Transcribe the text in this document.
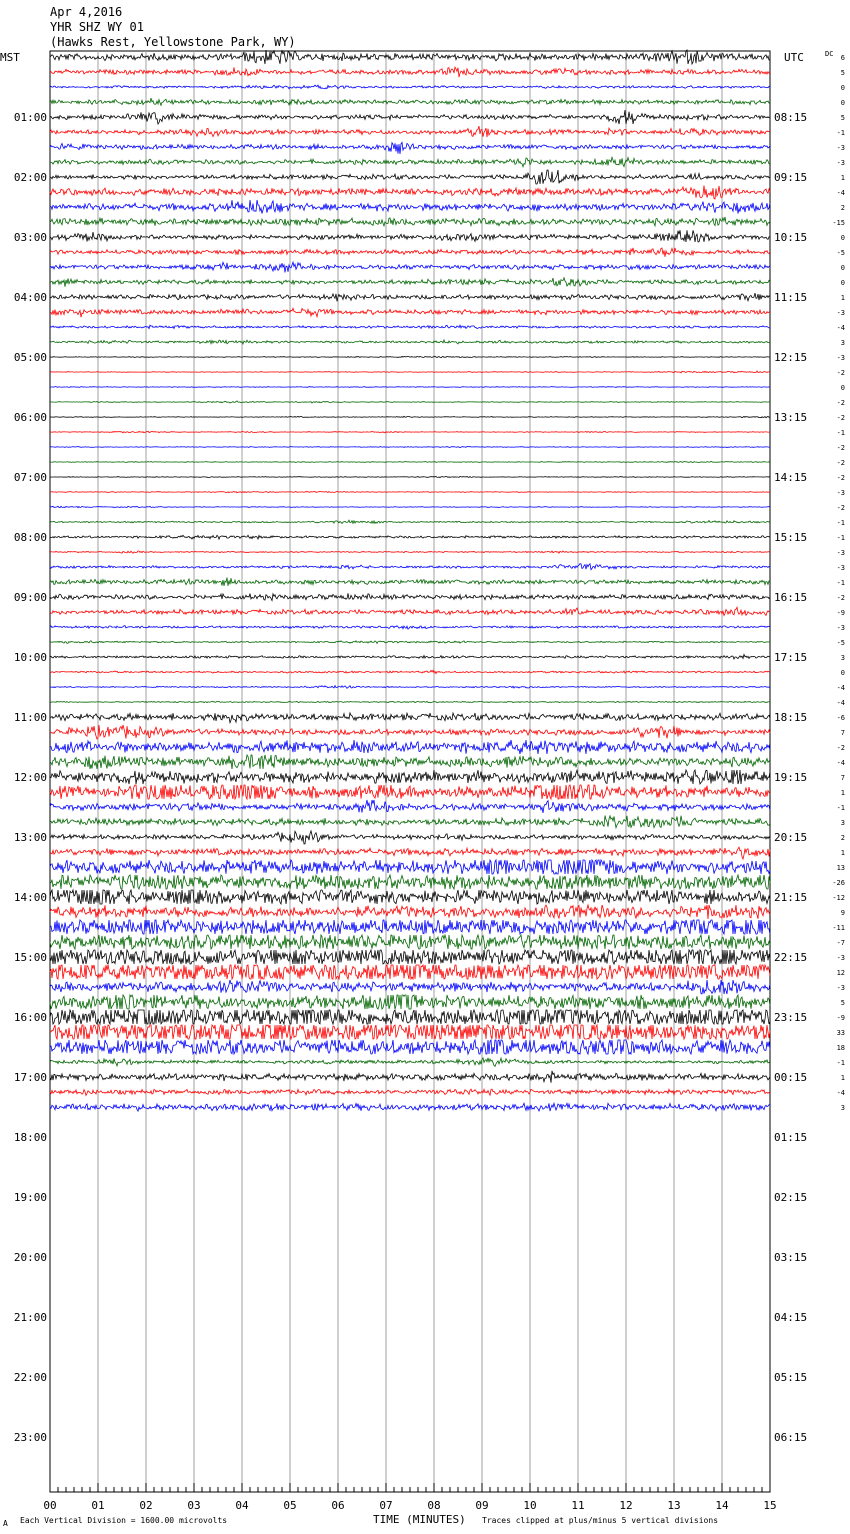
Apr 4,2016
YHR SHZ WY 01
(Hawks Rest, Yellowstone Park, WY)
MST	UTC	DC
01:00
02:00
03:00
04:00
05:00
06:00
07:00
08:00
09:00
10:00
11:00
12:00
13:00
14:00
15:00
16:00
17:00
18:00
19:00
20:00
21:00
22:00
23:00
08:15
09:15
10:15
11:15
12:15
13:15
14:15
15:15
16:15
17:15
18:15
19:15
20:15
21:15
22:15
23:15
00:15
01:15
02:15
03:15
04:15
05:15
06:15
6
5
0
0
5
-1
-3
-3
1
-4
2
-15
0
-5
0
0
1
-3
-4
3
-3
-2
0
-2
-2
-1
-2
-2
-2
-3
-2
-1
-1
-3
-3
-1
-2
-9
-3
-5
3
0
-4
-4
-6
7
-2
-4
7
1
-1
3
2
1
13
-26
-12
9
-11
-7
-3
12
-3
5
-9
33
18
-1
1
-4
3
00	01	02	03	04	05	06	07	08	09	10	11	12	13	14	15
A Each Vertical Division = 1600.00 microvolts	TIME (MINUTES) Traces clipped at plus/minus 5 vertical divisions
